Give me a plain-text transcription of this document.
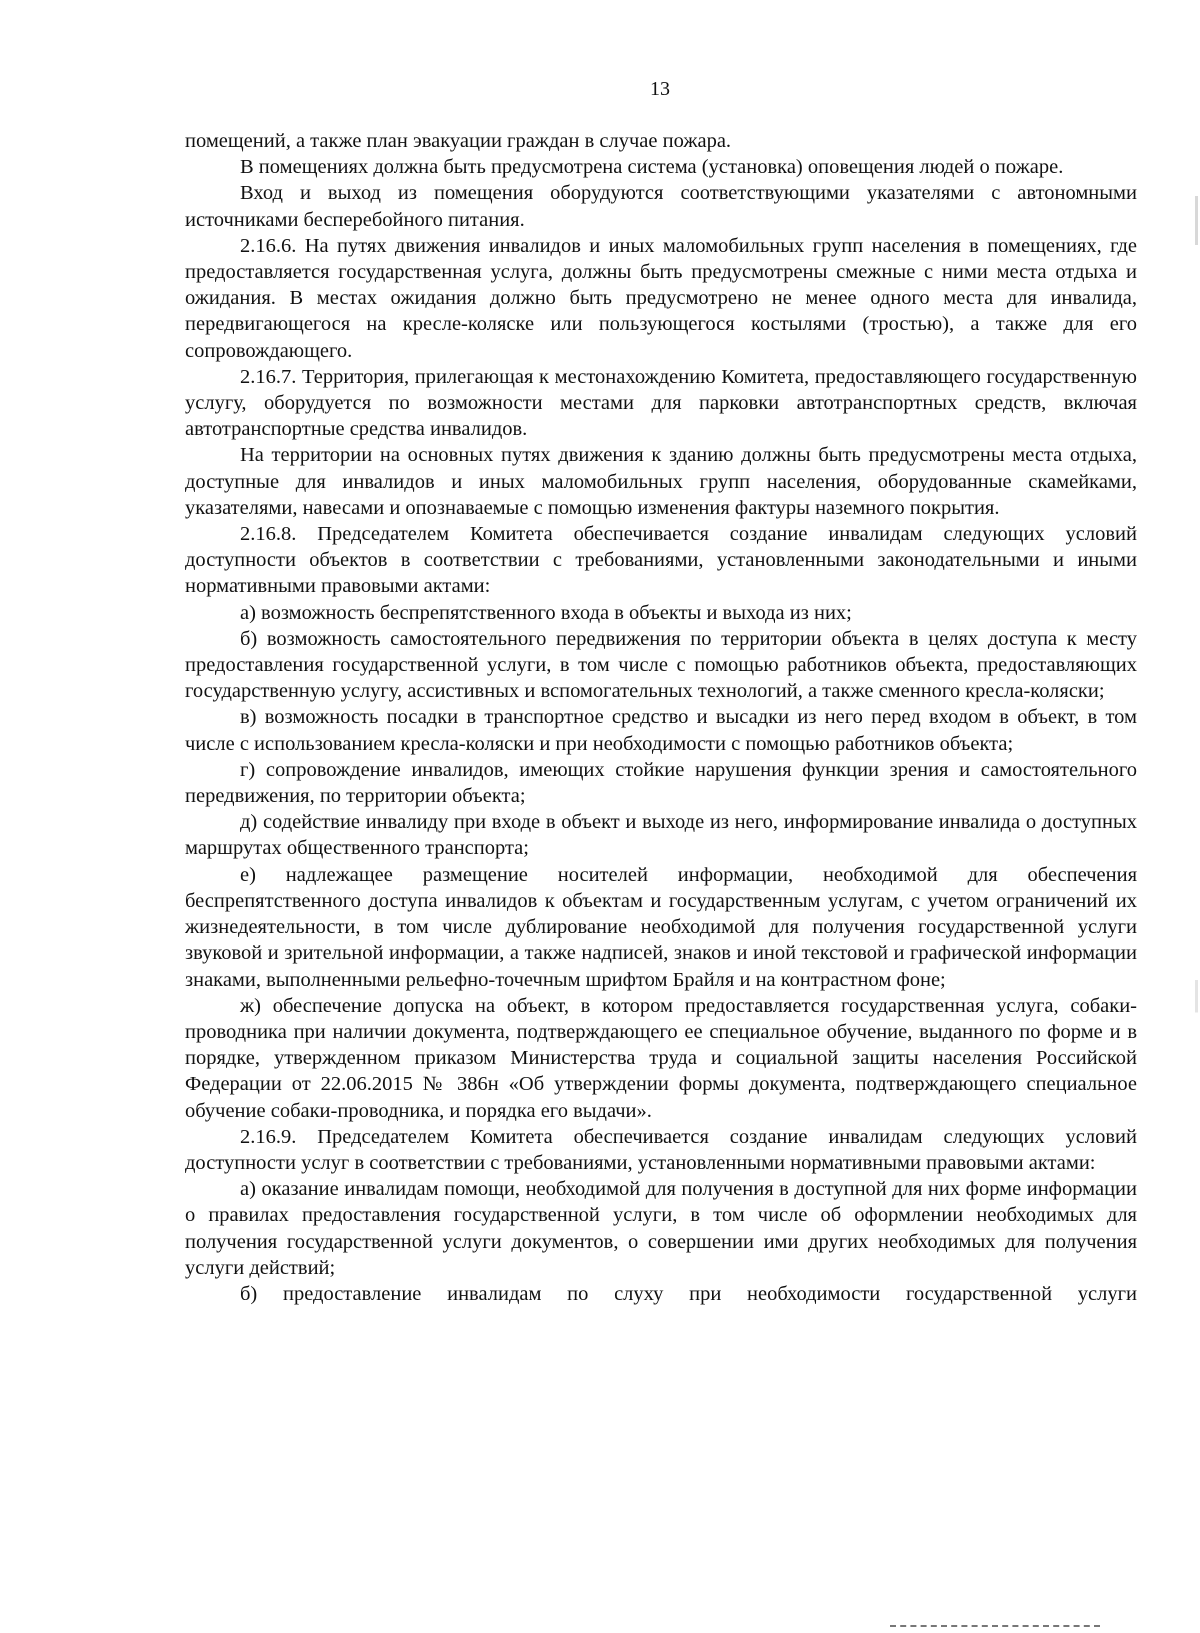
13

помещений, а также план эвакуации граждан в случае пожара.

В помещениях должна быть предусмотрена система (установка) оповещения людей о пожаре.

Вход и выход из помещения оборудуются соответствующими указателями с автономными источниками бесперебойного питания.

2.16.6. На путях движения инвалидов и иных маломобильных групп населения в помещениях, где предоставляется государственная услуга, должны быть предусмотрены смежные с ними места отдыха и ожидания. В местах ожидания должно быть предусмотрено не менее одного места для инвалида, передвигающегося на кресле-коляске или пользующегося костылями (тростью), а также для его сопровождающего.

2.16.7. Территория, прилегающая к местонахождению Комитета, предоставляющего государственную услугу, оборудуется по возможности местами для парковки автотранспортных средств, включая автотранспортные средства инвалидов.

На территории на основных путях движения к зданию должны быть предусмотрены места отдыха, доступные для инвалидов и иных маломобильных групп населения, оборудованные скамейками, указателями, навесами и опознаваемые с помощью изменения фактуры наземного покрытия.

2.16.8. Председателем Комитета обеспечивается создание инвалидам следующих условий доступности объектов в соответствии с требованиями, установленными законодательными и иными нормативными правовыми актами:

а) возможность беспрепятственного входа в объекты и выхода из них;

б) возможность самостоятельного передвижения по территории объекта в целях доступа к месту предоставления государственной услуги, в том числе с помощью работников объекта, предоставляющих государственную услугу, ассистивных и вспомогательных технологий, а также сменного кресла-коляски;

в) возможность посадки в транспортное средство и высадки из него перед входом в объект, в том числе с использованием кресла-коляски и при необходимости с помощью работников объекта;

г) сопровождение инвалидов, имеющих стойкие нарушения функции зрения и самостоятельного передвижения, по территории объекта;

д) содействие инвалиду при входе в объект и выходе из него, информирование инвалида о доступных маршрутах общественного транспорта;

е) надлежащее размещение носителей информации, необходимой для обеспечения беспрепятственного доступа инвалидов к объектам и государственным услугам, с учетом ограничений их жизнедеятельности, в том числе дублирование необходимой для получения государственной услуги звуковой и зрительной информации, а также надписей, знаков и иной текстовой и графической информации знаками, выполненными рельефно-точечным шрифтом Брайля и на контрастном фоне;

ж) обеспечение допуска на объект, в котором предоставляется государственная услуга, собаки-проводника при наличии документа, подтверждающего ее специальное обучение, выданного по форме и в порядке, утвержденном приказом Министерства труда и социальной защиты населения Российской Федерации от 22.06.2015 № 386н «Об утверждении формы документа, подтверждающего специальное обучение собаки-проводника, и порядка его выдачи».

2.16.9. Председателем Комитета обеспечивается создание инвалидам следующих условий доступности услуг в соответствии с требованиями, установленными нормативными правовыми актами:

а) оказание инвалидам помощи, необходимой для получения в доступной для них форме информации о правилах предоставления государственной услуги, в том числе об оформлении необходимых для получения государственной услуги документов, о совершении ими других необходимых для получения услуги действий;

б) предоставление инвалидам по слуху при необходимости государственной услуги
